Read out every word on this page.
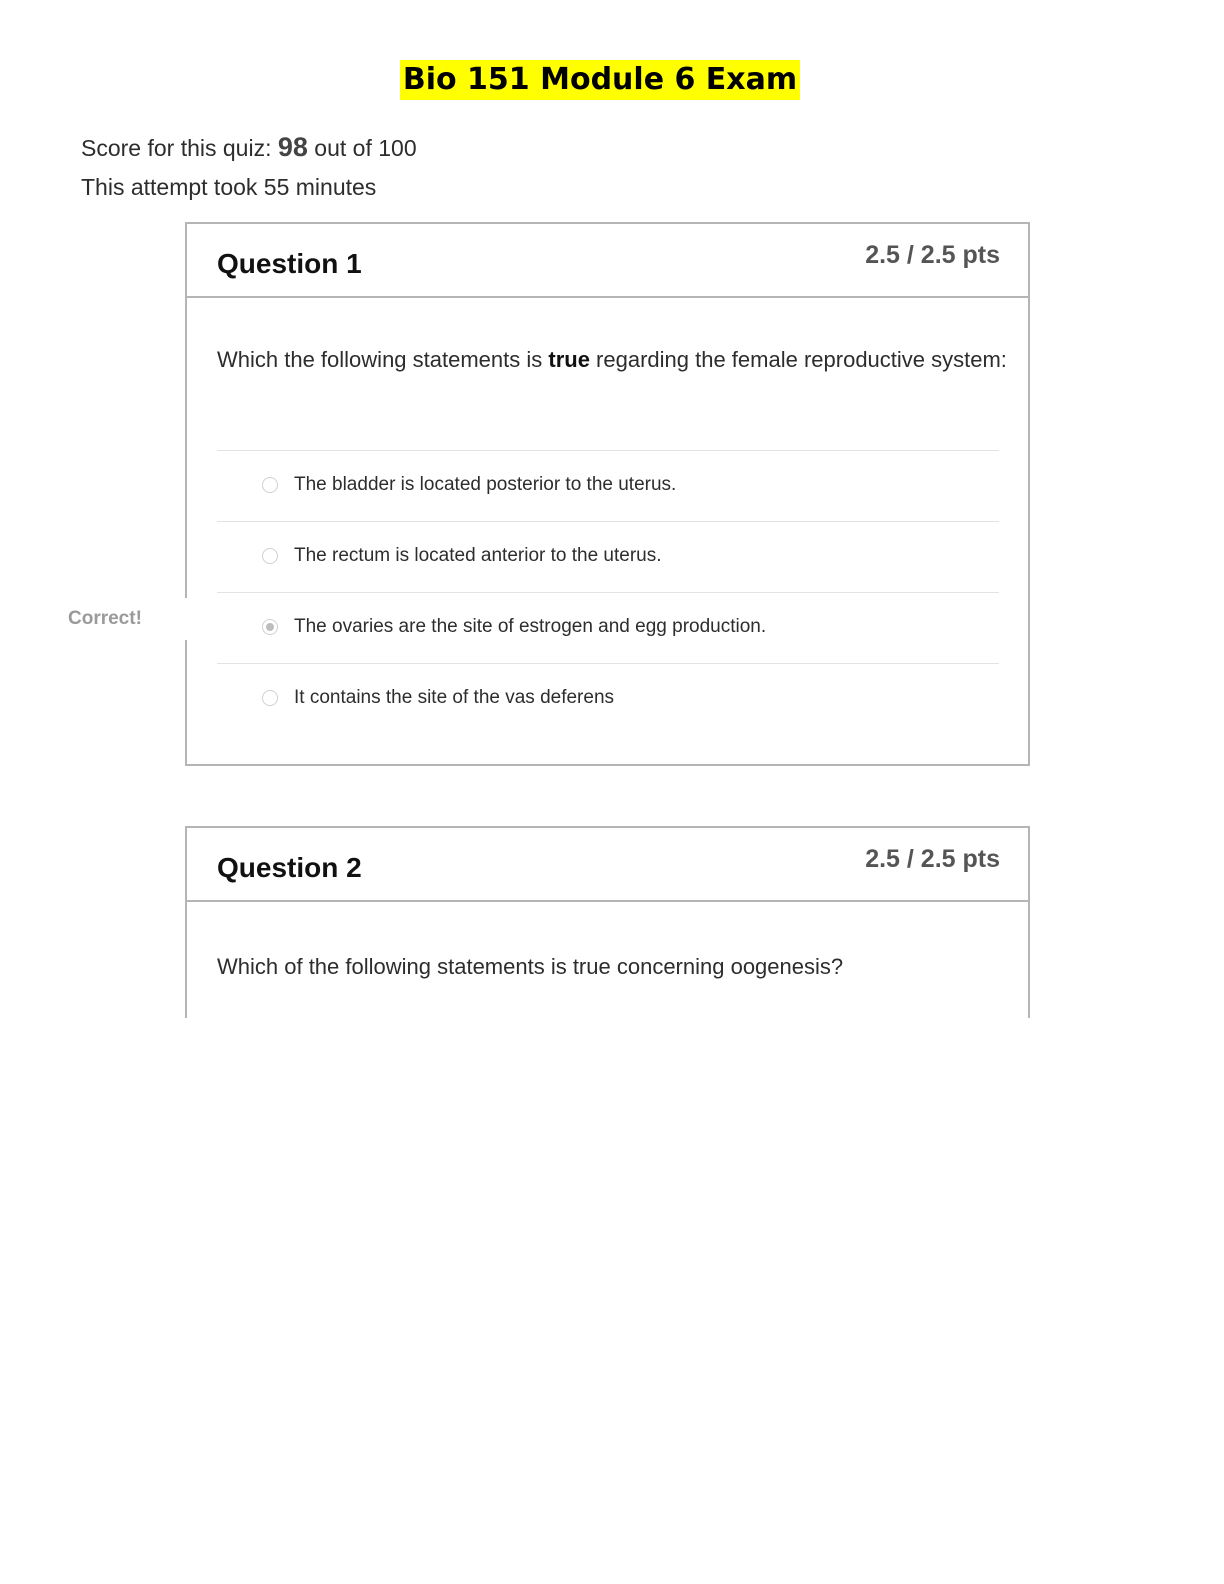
Bio 151 Module 6 Exam
Score for this quiz: 98 out of 100
This attempt took 55 minutes
Question 1	2.5 / 2.5 pts
Which the following statements is true regarding the female reproductive system:
The bladder is located posterior to the uterus.
The rectum is located anterior to the uterus.
The ovaries are the site of estrogen and egg production.
It contains the site of the vas deferens
Correct!
Question 2	2.5 / 2.5 pts
Which of the following statements is true concerning oogenesis?
